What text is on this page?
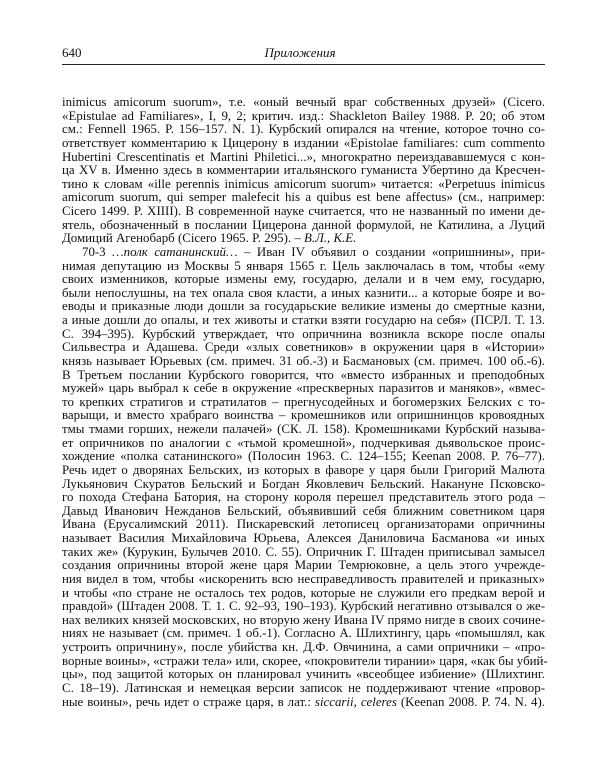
640	Приложения
inimicus amicorum suorum», т.е. «оный вечный враг собственных друзей» (Cicero.
«Epistulae ad Familiares», I, 9, 2; критич. изд.: Shackleton Bailey 1988. P. 20; об этом
см.: Fennell 1965. P. 156–157. N. 1). Курбский опирался на чтение, которое точно со-
ответствует комментарию к Цицерону в издании «Epistolae familiares: cum commento
Hubertini Crescentinatis et Martini Philetici...», многократно переиздававшемуся с кон-
ца XV в. Именно здесь в комментарии итальянского гуманиста Убертино да Кресчен-
тино к словам «ille perennis inimicus amicorum suorum» читается: «Perpetuus inimicus
amicorum suorum, qui semper malefecit his a quibus est bene affectus» (см., например:
Cicero 1499. P. XIIII). В современной науке считается, что не названный по имени де-
ятель, обозначенный в послании Цицерона данной формулой, не Катилина, а Луций
Домиций Агенобарб (Cicero 1965. P. 295). – В.Л., К.Е.
70-3 …полк сатанинский… – Иван IV объявил о создании «опришнины», при-
нимая депутацию из Москвы 5 января 1565 г. Цель заключалась в том, чтобы «ему
своих изменников, которые измены ему, государю, делали и в чем ему, государю,
были непослушны, на тех опала своя класти, а иных казнити... а которые бояре и во-
еводы и приказные люди дошли за государьские великие измены до смертные казни,
а иные дошли до опалы, и тех животы и статки взяти государю на себя» (ПСРЛ. Т. 13.
С. 394–395). Курбский утверждает, что опричнина возникла вскоре после опалы
Сильвестра и Адашева. Среди «злых советников» в окружении царя в «Истории»
князь называет Юрьевых (см. примеч. 31 об.-3) и Басмановых (см. примеч. 100 об.-6).
В Третьем послании Курбского говорится, что «вместо избранных и преподобных
мужей» царь выбрал к себе в окружение «прескверных паразитов и маняков», «вмес-
то крепких стратигов и стратилатов – прегнусодейных и богомерзких Белских с то-
варыщи, и вместо храбраго воинства – кромешников или опришнинцов кровоядных
тмы тмами горших, нежели палачей» (СК. Л. 158). Кромешниками Курбский называ-
ет опричников по аналогии с «тьмой кромешной», подчеркивая дьявольское проис-
хождение «полка сатанинского» (Полосин 1963. С. 124–155; Keenan 2008. P. 76–77).
Речь идет о дворянах Бельских, из которых в фаворе у царя были Григорий Малюта
Лукьянович Скуратов Бельский и Богдан Яковлевич Бельский. Накануне Псковско-
го похода Стефана Батория, на сторону короля перешел представитель этого рода –
Давыд Иванович Нежданов Бельский, объявивший себя ближним советником царя
Ивана (Ерусалимский 2011). Пискаревский летописец организаторами опричнины
называет Василия Михайловича Юрьева, Алексея Даниловича Басманова «и иных
таких же» (Курукин, Булычев 2010. С. 55). Опричник Г. Штаден приписывал замысел
создания опричнины второй жене царя Марии Темрюковне, а цель этого учрежде-
ния видел в том, чтобы «искоренить всю несправедливость правителей и приказных»
и чтобы «по стране не осталось тех родов, которые не служили его предкам верой и
правдой» (Штаден 2008. Т. 1. С. 92–93, 190–193). Курбский негативно отзывался о же-
нах великих князей московских, но вторую жену Ивана IV прямо нигде в своих сочине-
ниях не называет (см. примеч. 1 об.-1). Согласно А. Шлихтингу, царь «помышлял, как
устроить опричнину», после убийства кн. Д.Ф. Овчинина, а сами опричники – «про-
ворные воины», «стражи тела» или, скорее, «покровители тирании» царя, «как бы убий-
цы», под защитой которых он планировал учинить «всеобщее избиение» (Шлихтинг.
С. 18–19). Латинская и немецкая версии записок не поддерживают чтение «провор-
ные воины», речь идет о страже царя, в лат.: siccarii, celeres (Keenan 2008. P. 74. N. 4).
